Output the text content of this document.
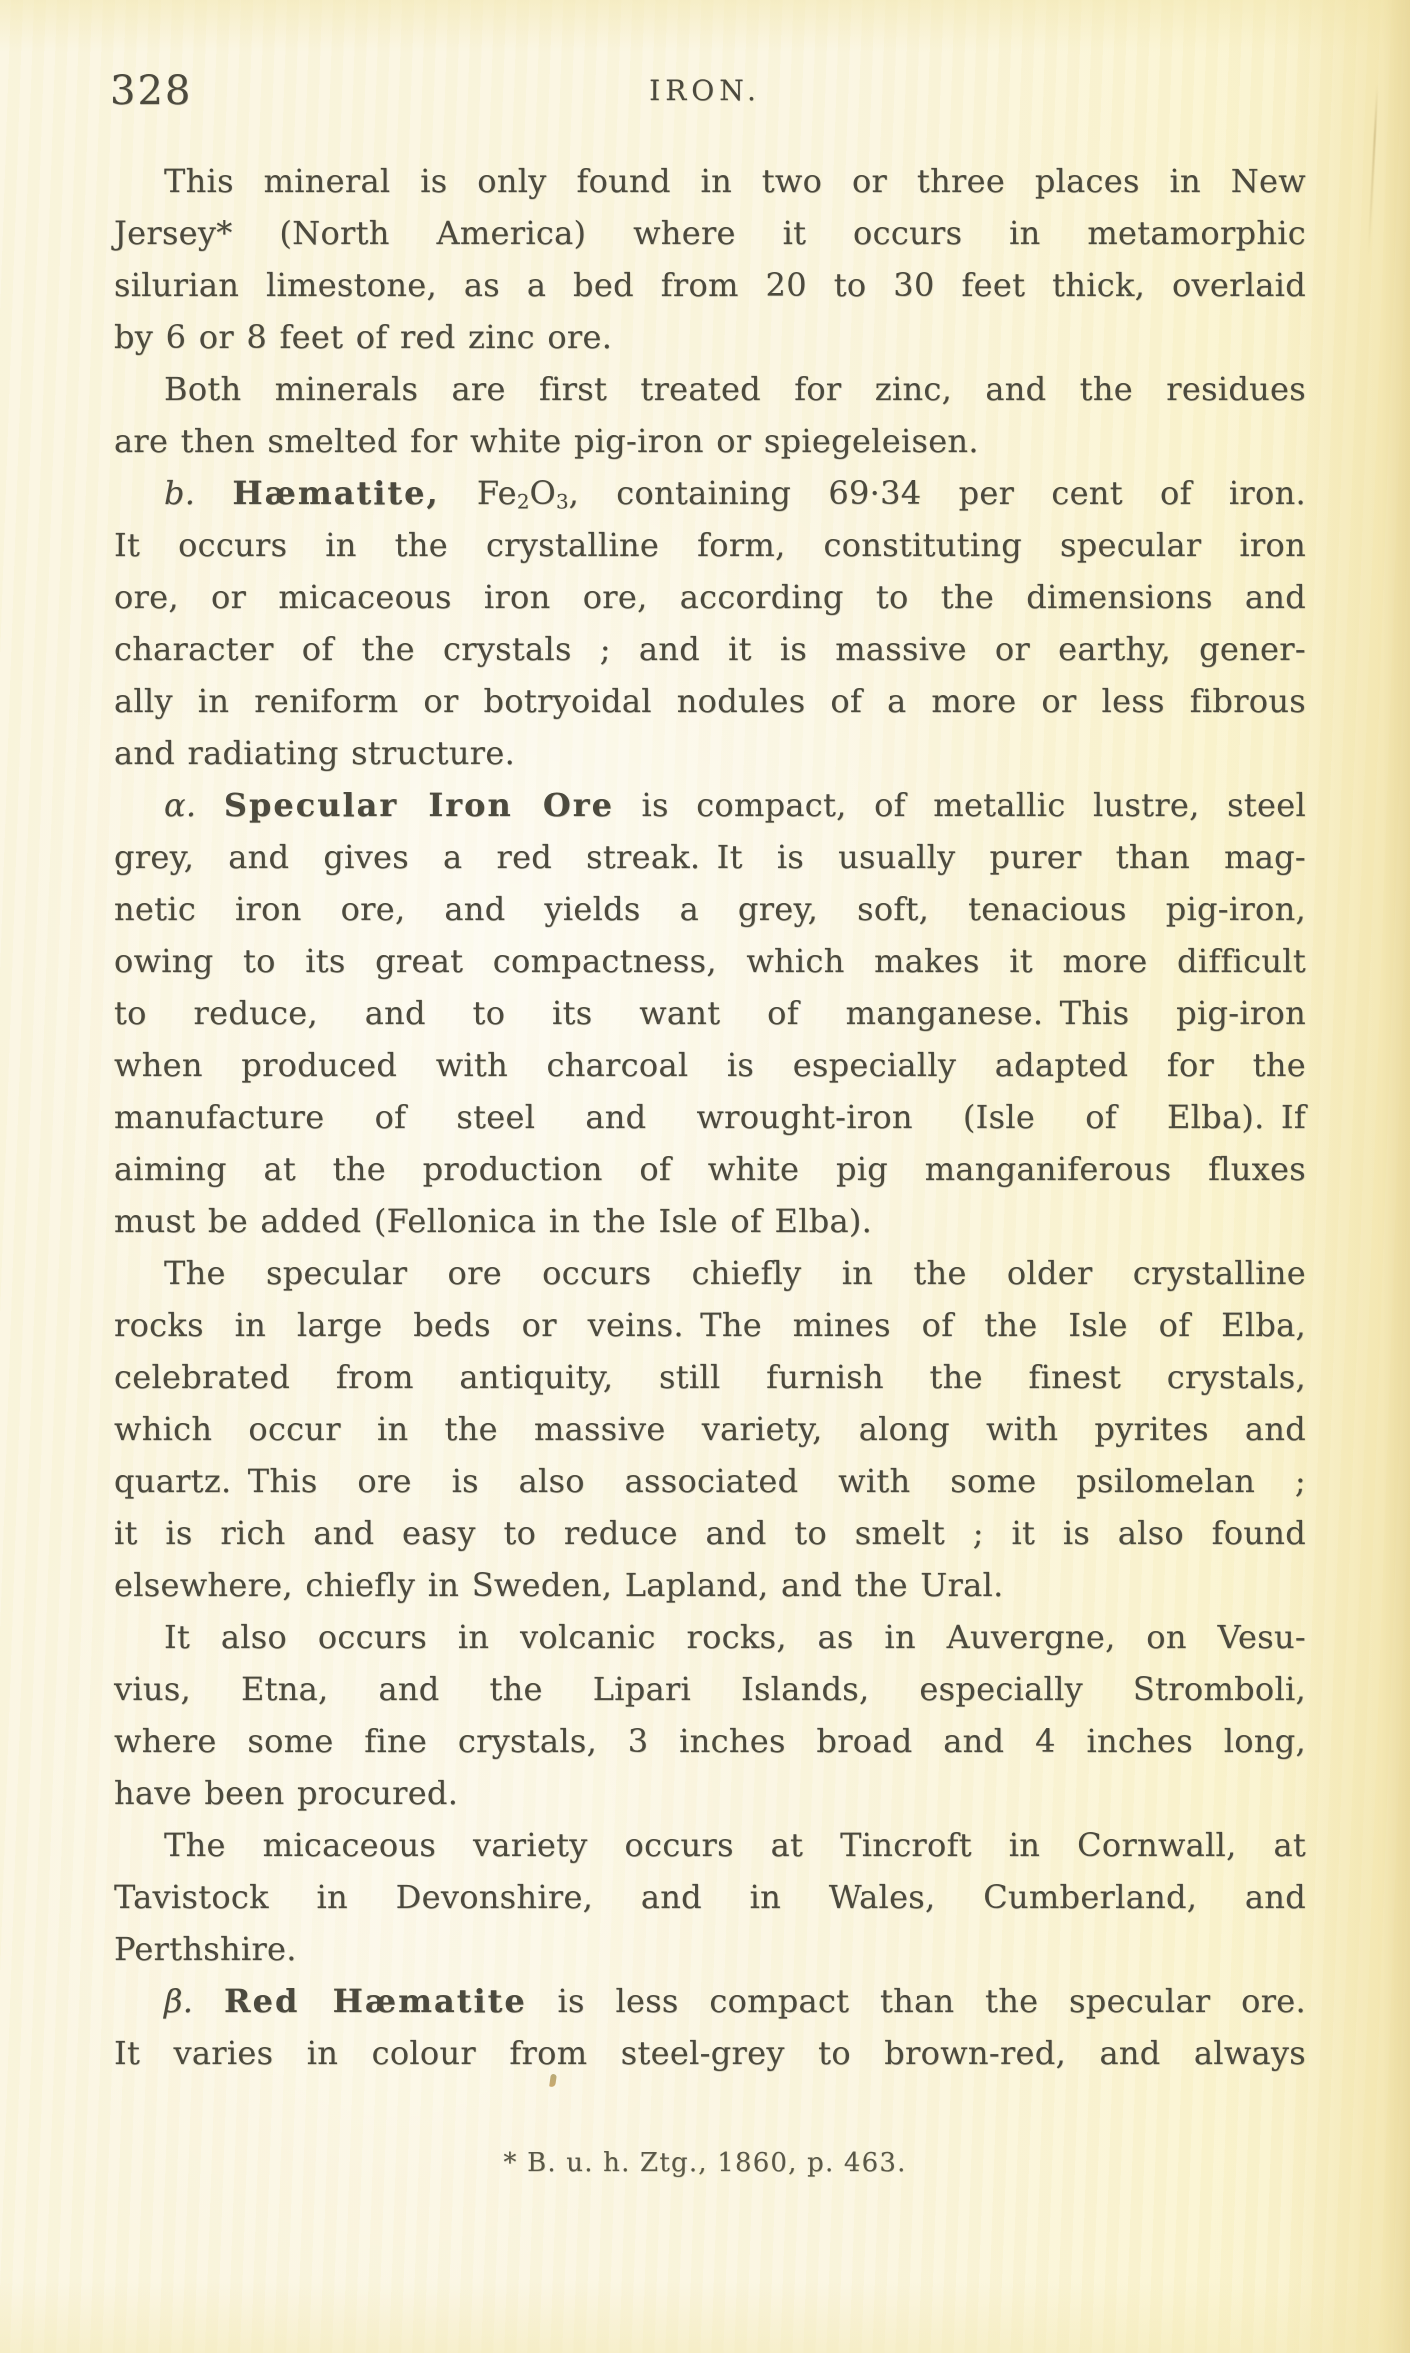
328	IRON.
This mineral is only found in two or three places in New
Jersey* (North America) where it occurs in metamorphic
silurian limestone, as a bed from 20 to 30 feet thick, overlaid
by 6 or 8 feet of red zinc ore.
Both minerals are first treated for zinc, and the residues
are then smelted for white pig-iron or spiegeleisen.
b. Hæmatite, Fe2O3, containing 69·34 per cent of iron.
It occurs in the crystalline form, constituting specular iron
ore, or micaceous iron ore, according to the dimensions and
character of the crystals ; and it is massive or earthy, gener-
ally in reniform or botryoidal nodules of a more or less fibrous
and radiating structure.
α. Specular Iron Ore is compact, of metallic lustre, steel
grey, and gives a red streak. It is usually purer than mag-
netic iron ore, and yields a grey, soft, tenacious pig-iron,
owing to its great compactness, which makes it more difficult
to reduce, and to its want of manganese. This pig-iron
when produced with charcoal is especially adapted for the
manufacture of steel and wrought-iron (Isle of Elba). If
aiming at the production of white pig manganiferous fluxes
must be added (Fellonica in the Isle of Elba).
The specular ore occurs chiefly in the older crystalline
rocks in large beds or veins. The mines of the Isle of Elba,
celebrated from antiquity, still furnish the finest crystals,
which occur in the massive variety, along with pyrites and
quartz. This ore is also associated with some psilomelan ;
it is rich and easy to reduce and to smelt ; it is also found
elsewhere, chiefly in Sweden, Lapland, and the Ural.
It also occurs in volcanic rocks, as in Auvergne, on Vesu-
vius, Etna, and the Lipari Islands, especially Stromboli,
where some fine crystals, 3 inches broad and 4 inches long,
have been procured.
The micaceous variety occurs at Tincroft in Cornwall, at
Tavistock in Devonshire, and in Wales, Cumberland, and
Perthshire.
β. Red Hæmatite is less compact than the specular ore.
It varies in colour from steel-grey to brown-red, and always
* B. u. h. Ztg., 1860, p. 463.
